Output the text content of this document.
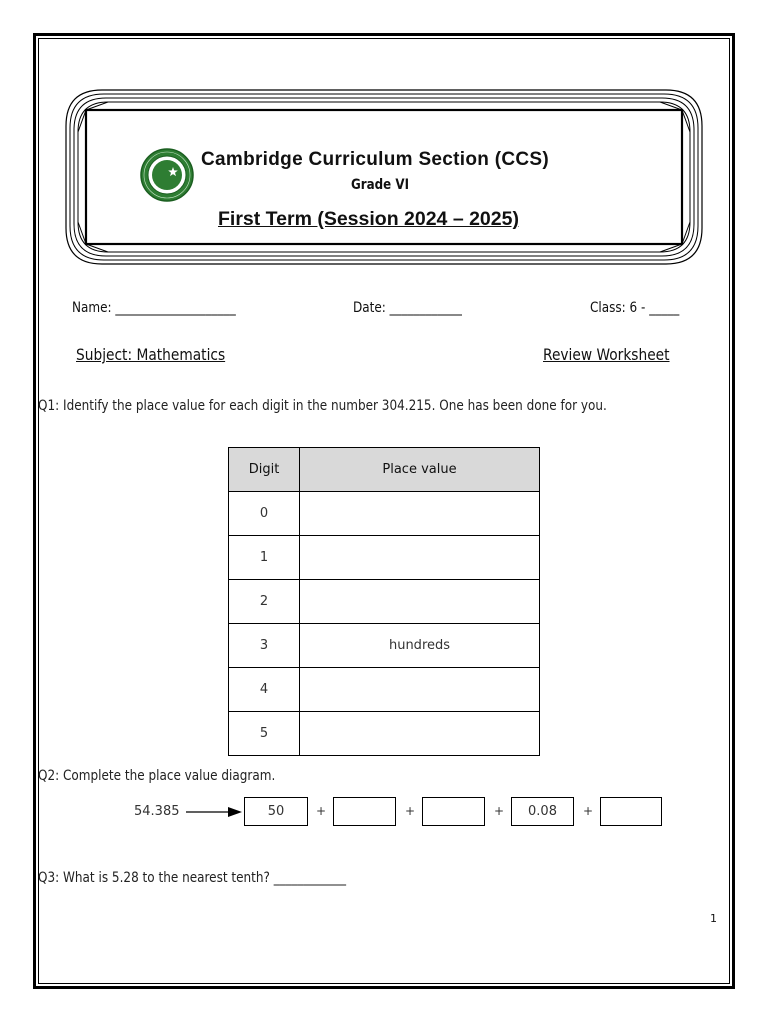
Cambridge Curriculum Section (CCS)
Grade VI
First Term (Session 2024 – 2025)
Name: ____________________	Date: ____________	Class: 6 - _____
Subject: Mathematics	Review Worksheet
Q1: Identify the place value for each digit in the number 304.215. One has been done for you.
Digit	Place value
0	
1	
2	
3	hundreds
4	
5	
Q2: Complete the place value diagram.
54.385	50	+	+	+	0.08	+
Q3: What is 5.28 to the nearest tenth? ____________
1
